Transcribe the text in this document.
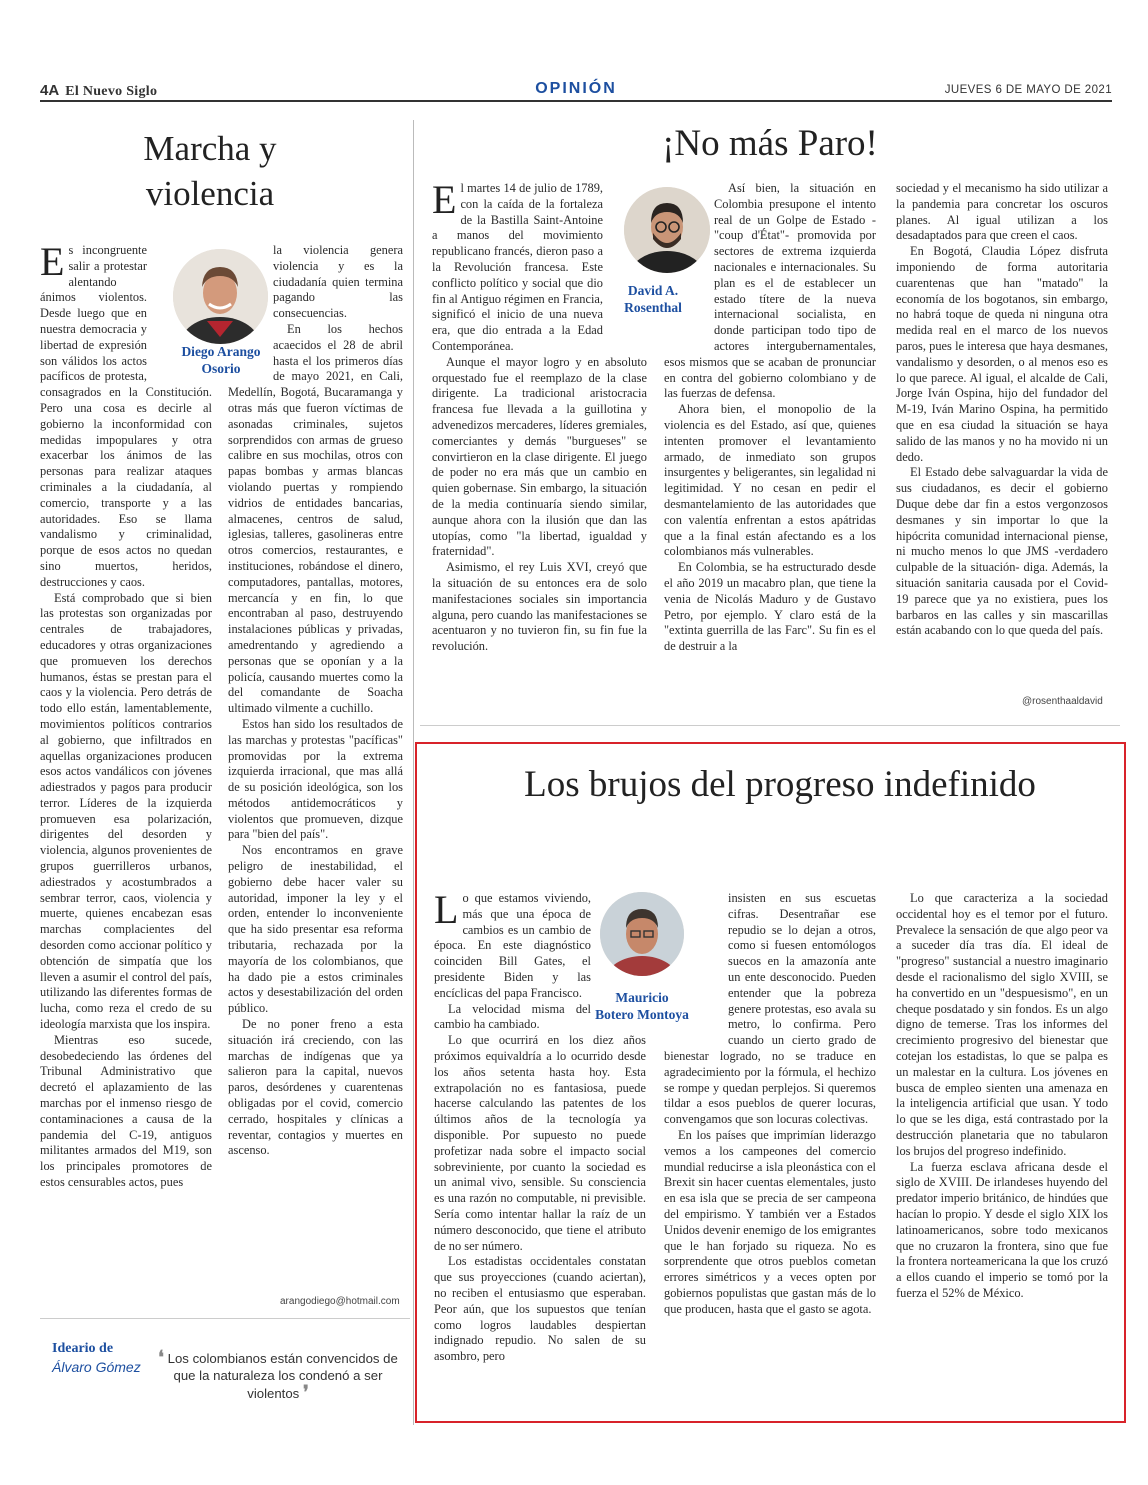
OPINIÓN
4A El Nuevo Siglo	JUEVES 6 DE MAYO DE 2021
Marcha y violencia
Diego Arango Osorio

Es incongruente salir a protestar alentando ánimos violentos. Desde luego que en nuestra democracia y libertad de expresión son válidos los actos pacíficos de protesta, consagrados en la Constitución. Pero una cosa es decirle al gobierno la inconformidad con medidas impopulares y otra exacerbar los ánimos de las personas para realizar ataques criminales a la ciudadanía, al comercio, transporte y a las autoridades. Eso se llama vandalismo y criminalidad, porque de esos actos no quedan sino muertos, heridos, destrucciones y caos.

Está comprobado que si bien las protestas son organizadas por centrales de trabajadores, educadores y otras organizaciones que promueven los derechos humanos, éstas se prestan para el caos y la violencia. Pero detrás de todo ello están, lamentablemente, movimientos políticos contrarios al gobierno, que infiltrados en aquellas organizaciones producen esos actos vandálicos con jóvenes adiestrados y pagos para producir terror. Líderes de la izquierda promueven esa polarización, dirigentes del desorden y violencia, algunos provenientes de grupos guerrilleros urbanos, adiestrados y acostumbrados a sembrar terror, caos, violencia y muerte, quienes encabezan esas marchas complacientes del desorden como accionar político y obtención de simpatía que los lleven a asumir el control del país, utilizando las diferentes formas de lucha, como reza el credo de su ideología marxista que los inspira.

Mientras eso sucede, desobedeciendo las órdenes del Tribunal Administrativo que decretó el aplazamiento de las marchas por el inmenso riesgo de contaminaciones a causa de la pandemia del C-19, antiguos militantes armados del M19, son los principales promotores de estos censurables actos, pues

la violencia genera violencia y es la ciudadanía quien termina pagando las consecuencias.

En los hechos acaecidos el 28 de abril hasta el los primeros días de mayo 2021, en Cali, Medellín, Bogotá, Bucaramanga y otras más que fueron víctimas de asonadas criminales, sujetos sorprendidos con armas de grueso calibre en sus mochilas, otros con papas bombas y armas blancas violando puertas y rompiendo vidrios de entidades bancarias, almacenes, centros de salud, iglesias, talleres, gasolineras entre otros comercios, restaurantes, e instituciones, robándose el dinero, computadores, pantallas, motores, mercancía y en fin, lo que encontraban al paso, destruyendo instalaciones públicas y privadas, amedrentando y agrediendo a personas que se oponían y a la policía, causando muertes como la del comandante de Soacha ultimado vilmente a cuchillo.

Estos han sido los resultados de las marchas y protestas "pacíficas" promovidas por la extrema izquierda irracional, que mas allá de su posición ideológica, son los métodos antidemocráticos y violentos que promueven, dizque para "bien del país".

Nos encontramos en grave peligro de inestabilidad, el gobierno debe hacer valer su autoridad, imponer la ley y el orden, entender lo inconveniente que ha sido presentar esa reforma tributaria, rechazada por la mayoría de los colombianos, que ha dado pie a estos criminales actos y desestabilización del orden público.

De no poner freno a esta situación irá creciendo, con las marchas de indígenas que ya salieron para la capital, nuevos paros, desórdenes y cuarentenas obligadas por el covid, comercio cerrado, hospitales y clínicas a reventar, contagios y muertes en ascenso.

arangodiego@hotmail.com
Ideario de
Álvaro Gómez ❛ Los colombianos están convencidos de que la naturaleza los condenó a ser violentos ❜
¡No más Paro!
David A. Rosenthal

El martes 14 de julio de 1789, con la caída de la fortaleza de la Bastilla Saint-Antoine a manos del movimiento republicano francés, dieron paso a la Revolución francesa. Este conflicto político y social que dio fin al Antiguo régimen en Francia, significó el inicio de una nueva era, que dio entrada a la Edad Contemporánea.

Aunque el mayor logro y en absoluto orquestado fue el reemplazo de la clase dirigente. La tradicional aristocracia francesa fue llevada a la guillotina y advenedizos mercaderes, líderes gremiales, comerciantes y demás "burgueses" se convirtieron en la clase dirigente. El juego de poder no era más que un cambio en quien gobernase. Sin embargo, la situación de la media continuaría siendo similar, aunque ahora con la ilusión que dan las utopías, como "la libertad, igualdad y fraternidad".

Asimismo, el rey Luis XVI, creyó que la situación de su entonces era de solo manifestaciones sociales sin importancia alguna, pero cuando las manifestaciones se acentuaron y no tuvieron fin, su fin fue la revolución.

Así bien, la situación en Colombia presupone el intento real de un Golpe de Estado - "coup d'État"- promovida por sectores de extrema izquierda nacionales e internacionales. Su plan es el de establecer un estado títere de la nueva internacional socialista, en donde participan todo tipo de actores intergubernamentales, esos mismos que se acaban de pronunciar en contra del gobierno colombiano y de las fuerzas de defensa.

Ahora bien, el monopolio de la violencia es del Estado, así que, quienes intenten promover el levantamiento armado, de inmediato son grupos insurgentes y beligerantes, sin legalidad ni legitimidad. Y no cesan en pedir el desmantelamiento de las autoridades que con valentía enfrentan a estos apátridas que a la final están afectando es a los colombianos más vulnerables.

En Colombia, se ha estructurado desde el año 2019 un macabro plan, que tiene la venia de Nicolás Maduro y de Gustavo Petro, por ejemplo. Y claro está de la "extinta guerrilla de las Farc". Su fin es el de destruir a la

sociedad y el mecanismo ha sido utilizar a la pandemia para concretar los oscuros planes. Al igual utilizan a los desadaptados para que creen el caos.

En Bogotá, Claudia López disfruta imponiendo de forma autoritaria cuarentenas que han "matado" la economía de los bogotanos, sin embargo, no habrá toque de queda ni ninguna otra medida real en el marco de los nuevos paros, pues le interesa que haya desmanes, vandalismo y desorden, o al menos eso es lo que parece. Al igual, el alcalde de Cali, Jorge Iván Ospina, hijo del fundador del M-19, Iván Marino Ospina, ha permitido que en esa ciudad la situación se haya salido de las manos y no ha movido ni un dedo.

El Estado debe salvaguardar la vida de sus ciudadanos, es decir el gobierno Duque debe dar fin a estos vergonzosos desmanes y sin importar lo que la hipócrita comunidad internacional piense, ni mucho menos lo que JMS -verdadero culpable de la situación- diga. Además, la situación sanitaria causada por el Covid-19 parece que ya no existiera, pues los barbaros en las calles y sin mascarillas están acabando con lo que queda del país.

@rosenthaaldavid
Los brujos del progreso indefinido
Mauricio Botero Montoya

Lo que estamos viviendo, más que una época de cambios es un cambio de época. En este diagnóstico coinciden Bill Gates, el presidente Biden y las encíclicas del papa Francisco.

La velocidad misma del cambio ha cambiado.

Lo que ocurrirá en los diez años próximos equivaldría a lo ocurrido desde los años setenta hasta hoy. Esta extrapolación no es fantasiosa, puede hacerse calculando las patentes de los últimos años de la tecnología ya disponible. Por supuesto no puede profetizar nada sobre el impacto social sobreviniente, por cuanto la sociedad es un animal vivo, sensible. Su consciencia es una razón no computable, ni previsible. Sería como intentar hallar la raíz de un número desconocido, que tiene el atributo de no ser número.

Los estadistas occidentales constatan que sus proyecciones (cuando aciertan), no reciben el entusiasmo que esperaban. Peor aún, que los supuestos que tenían como logros laudables despiertan indignado repudio. No salen de su asombro, pero

insisten en sus escuetas cifras. Desentrañar ese repudio se lo dejan a otros, como si fuesen entomólogos suecos en la amazonía ante un ente desconocido. Pueden entender que la pobreza genere protestas, eso avala su metro, lo confirma. Pero cuando un cierto grado de bienestar logrado, no se traduce en agradecimiento por la fórmula, el hechizo se rompe y quedan perplejos. Si queremos tildar a esos pueblos de querer locuras, convengamos que son locuras colectivas.

En los países que imprimían liderazgo vemos a los campeones del comercio mundial reducirse a isla pleonástica con el Brexit sin hacer cuentas elementales, justo en esa isla que se precia de ser campeona del empirismo. Y también ver a Estados Unidos devenir enemigo de los emigrantes que le han forjado su riqueza. No es sorprendente que otros pueblos cometan errores simétricos y a veces opten por gobiernos populistas que gastan más de lo que producen, hasta que el gasto se agota.

Lo que caracteriza a la sociedad occidental hoy es el temor por el futuro. Prevalece la sensación de que algo peor va a suceder día tras día. El ideal de "progreso" sustancial a nuestro imaginario desde el racionalismo del siglo XVIII, se ha convertido en un "despuesismo", en un cheque posdatado y sin fondos. Es un algo digno de temerse. Tras los informes del crecimiento progresivo del bienestar que cotejan los estadistas, lo que se palpa es un malestar en la cultura. Los jóvenes en busca de empleo sienten una amenaza en la inteligencia artificial que usan. Y todo lo que se les diga, está contrastado por la destrucción planetaria que no tabularon los brujos del progreso indefinido.

La fuerza esclava africana desde el siglo de XVIII. De irlandeses huyendo del predator imperio británico, de hindúes que hacían lo propio. Y desde el siglo XIX los latinoamericanos, sobre todo mexicanos que no cruzaron la frontera, sino que fue la frontera norteamericana la que los cruzó a ellos cuando el imperio se tomó por la fuerza el 52% de México.
